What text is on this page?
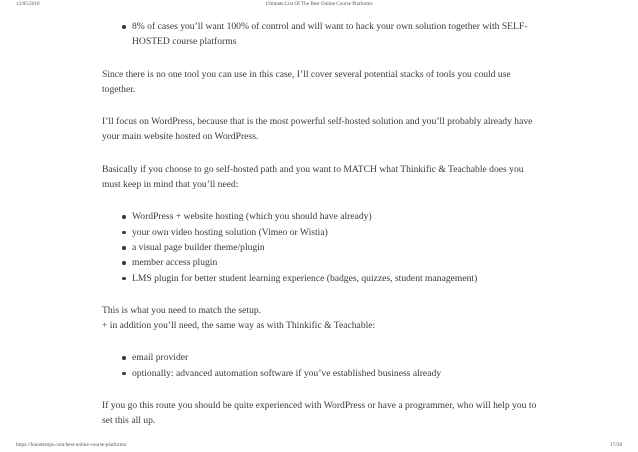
12/05/2018	Ultimate List Of The Best Online Course Platforms
8% of cases you’ll want 100% of control and will want to hack your own solution together with SELF-HOSTED course platforms

Since there is no one tool you can use in this case, I’ll cover several potential stacks of tools you could use together.

I’ll focus on WordPress, because that is the most powerful self-hosted solution and you’ll probably already have your main website hosted on WordPress.

Basically if you choose to go self-hosted path and you want to MATCH what Thinkific & Teachable does you must keep in mind that you’ll need:

WordPress + website hosting (which you should have already)
your own video hosting solution (Vimeo or Wistia)
a visual page builder theme/plugin
member access plugin
LMS plugin for better student learning experience (badges, quizzes, student management)

This is what you need to match the setup.

+ in addition you’ll need, the same way as with Thinkific & Teachable:

email provider
optionally: advanced automation software if you’ve established business already

If you go this route you should be quite experienced with WordPress or have a programmer, who will help you to set this all up.

https://foundertips.com/best-online-course-platforms/	17/28
